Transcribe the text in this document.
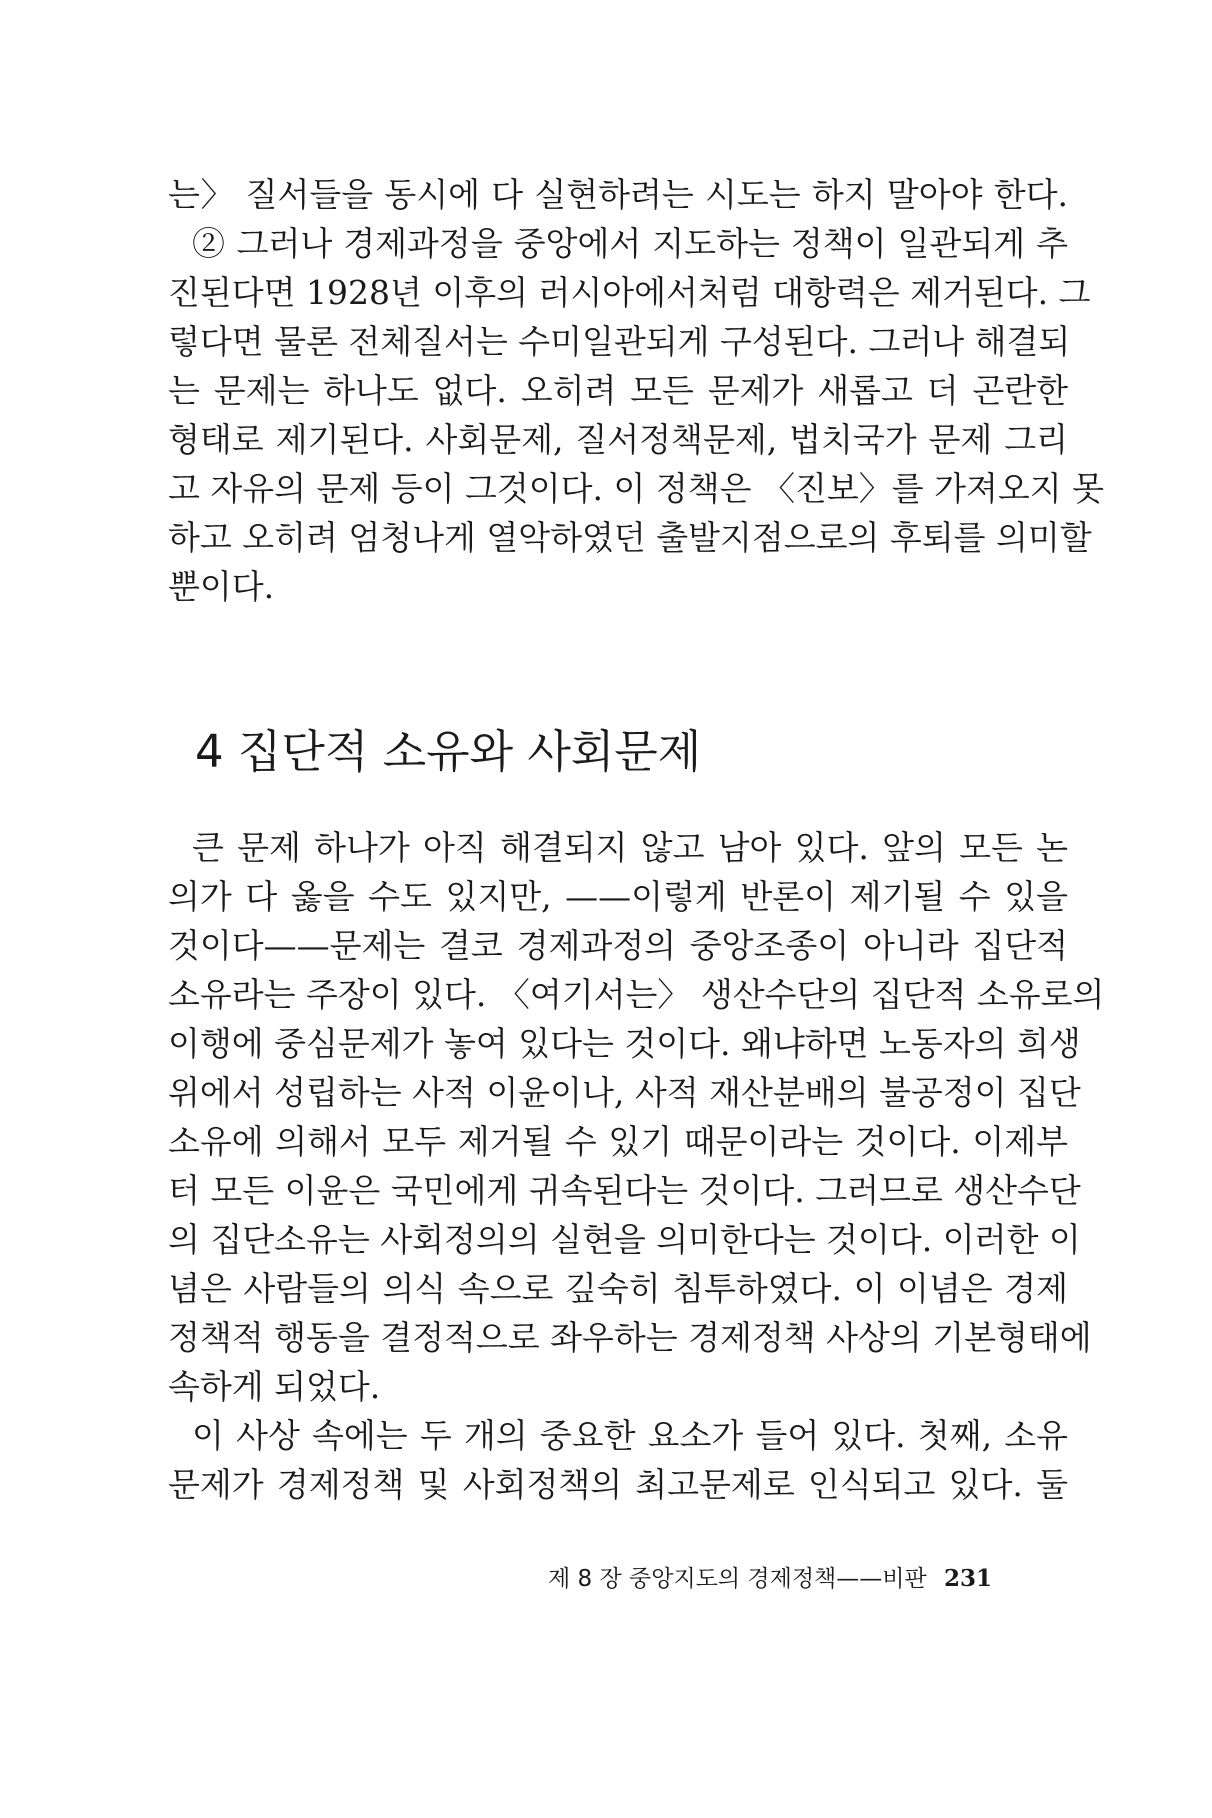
는〉 질서들을 동시에 다 실현하려는 시도는 하지 말아야 한다.
② 그러나 경제과정을 중앙에서 지도하는 정책이 일관되게 추
진된다면 1928년 이후의 러시아에서처럼 대항력은 제거된다. 그
렇다면 물론 전체질서는 수미일관되게 구성된다. 그러나 해결되
는 문제는 하나도 없다. 오히려 모든 문제가 새롭고 더 곤란한
형태로 제기된다. 사회문제, 질서정책문제, 법치국가 문제 그리
고 자유의 문제 등이 그것이다. 이 정책은 〈진보〉를 가져오지 못
하고 오히려 엄청나게 열악하였던 출발지점으로의 후퇴를 의미할
뿐이다.
4 집단적 소유와 사회문제
큰 문제 하나가 아직 해결되지 않고 남아 있다. 앞의 모든 논
의가 다 옳을 수도 있지만, ——이렇게 반론이 제기될 수 있을
것이다——문제는 결코 경제과정의 중앙조종이 아니라 집단적
소유라는 주장이 있다. 〈여기서는〉 생산수단의 집단적 소유로의
이행에 중심문제가 놓여 있다는 것이다. 왜냐하면 노동자의 희생
위에서 성립하는 사적 이윤이나, 사적 재산분배의 불공정이 집단
소유에 의해서 모두 제거될 수 있기 때문이라는 것이다. 이제부
터 모든 이윤은 국민에게 귀속된다는 것이다. 그러므로 생산수단
의 집단소유는 사회정의의 실현을 의미한다는 것이다. 이러한 이
념은 사람들의 의식 속으로 깊숙히 침투하였다. 이 이념은 경제
정책적 행동을 결정적으로 좌우하는 경제정책 사상의 기본형태에
속하게 되었다.
이 사상 속에는 두 개의 중요한 요소가 들어 있다. 첫째, 소유
문제가 경제정책 및 사회정책의 최고문제로 인식되고 있다. 둘
제 8 장 중앙지도의 경제정책——비판 231
